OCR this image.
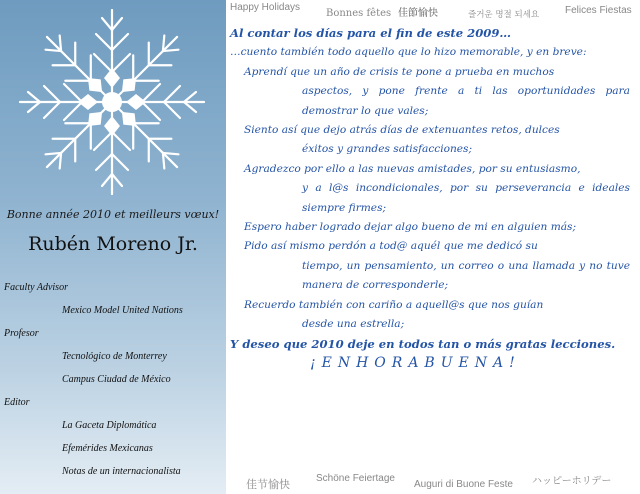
Bonne année 2010 et meilleurs vœux!
Rubén Moreno Jr.
Faculty Advisor
Mexico Model United Nations
Profesor
Tecnológico de Monterrey
Campus Ciudad de México
Editor
La Gaceta Diplomática
Efemérides Mexicanas
Notas de un internacionalista
Happy Holidays
Bonnes fêtes 佳節愉快	즐거운 명절 되세요	Felices Fiestas

Al contar los días para el fin de este 2009…

…cuento también todo aquello que lo hizo memorable, y en breve:

Aprendí que un año de crisis te pone a prueba en muchos
aspectos, y pone frente a ti las oportunidades para demostrar lo que vales;

Siento así que dejo atrás días de extenuantes retos, dulces
éxitos y grandes satisfacciones;

Agradezco por ello a las nuevas amistades, por su entusiasmo,
y a l@s incondicionales, por su perseverancia e ideales siempre firmes;

Espero haber logrado dejar algo bueno de mi en alguien más;

Pido así mismo perdón a tod@ aquél que me dedicó su
tiempo, un pensamiento, un correo o una llamada y no tuve manera de corresponderle;

Recuerdo también con cariño a aquell@s que nos guían
desde una estrella;

Y deseo que 2010 deje en todos tan o más gratas lecciones.

¡ENHORABUENA!

佳节愉快	Schöne Feiertage
Auguri di Buone Feste ハッピーホリデー
